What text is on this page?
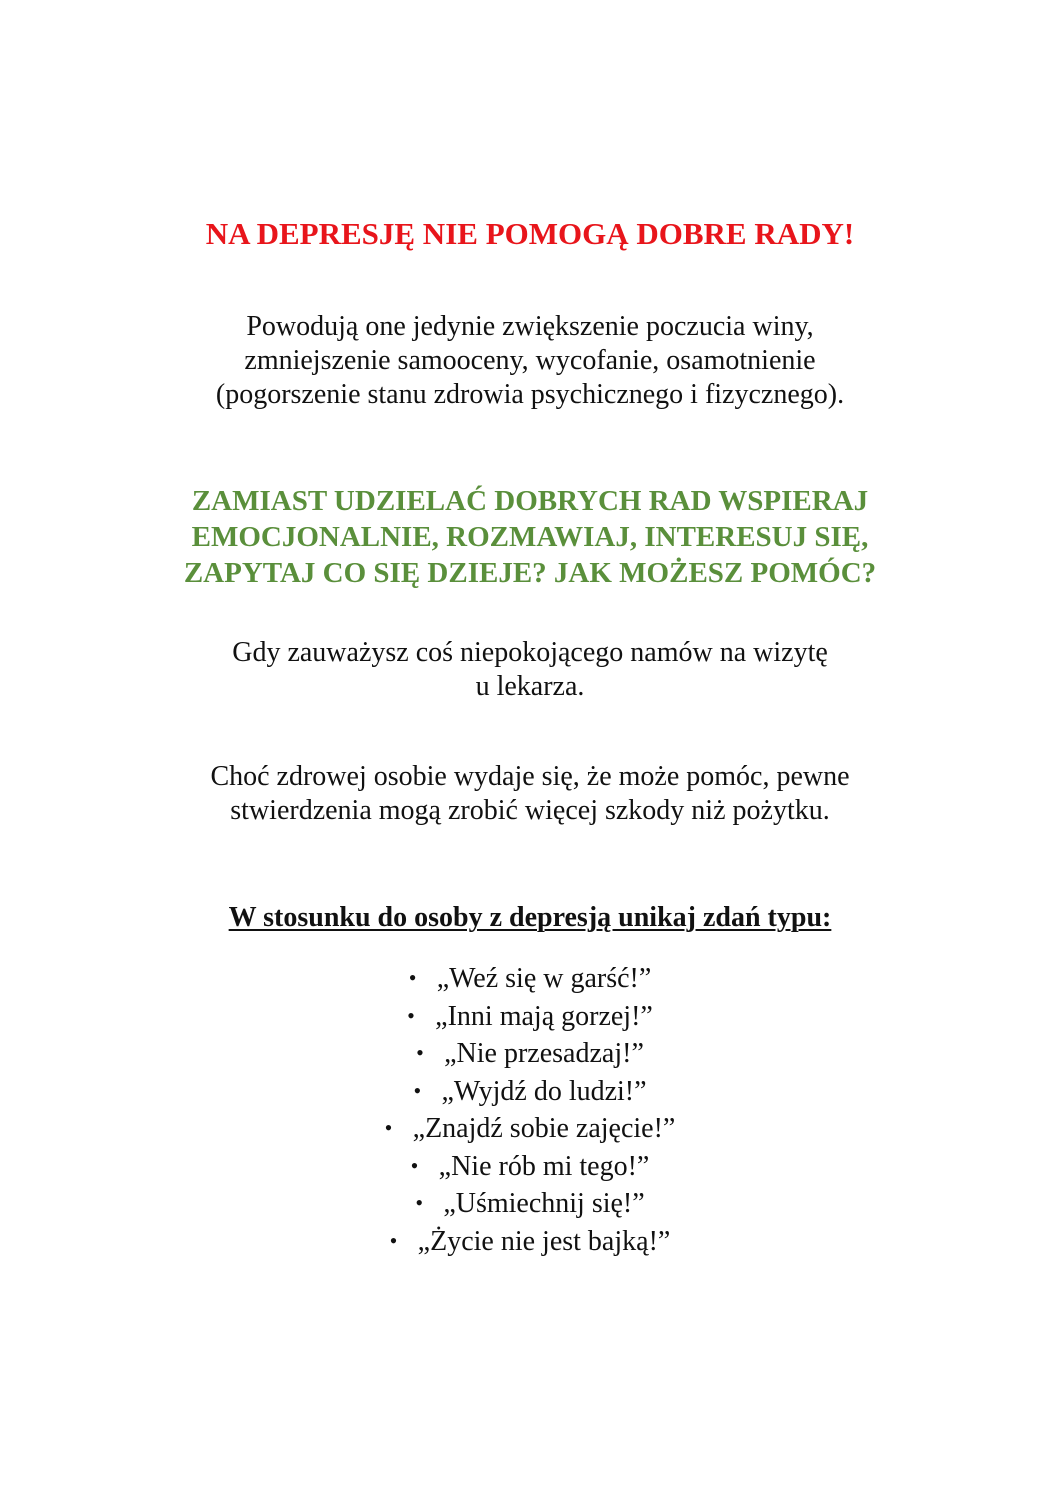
NA DEPRESJĘ NIE POMOGĄ DOBRE RADY!
Powodują one jedynie zwiększenie poczucia winy,
zmniejszenie samooceny, wycofanie, osamotnienie
(pogorszenie stanu zdrowia psychicznego i fizycznego).
ZAMIAST UDZIELAĆ DOBRYCH RAD WSPIERAJ
EMOCJONALNIE, ROZMAWIAJ, INTERESUJ SIĘ,
ZAPYTAJ CO SIĘ DZIEJE? JAK MOŻESZ POMÓC?
Gdy zauważysz coś niepokojącego namów na wizytę
u lekarza.
Choć zdrowej osobie wydaje się, że może pomóc, pewne
stwierdzenia mogą zrobić więcej szkody niż pożytku.
W stosunku do osoby z depresją unikaj zdań typu:
• „Weź się w garść!”
• „Inni mają gorzej!”
• „Nie przesadzaj!”
• „Wyjdź do ludzi!”
• „Znajdź sobie zajęcie!”
• „Nie rób mi tego!”
• „Uśmiechnij się!”
• „Życie nie jest bajką!”
